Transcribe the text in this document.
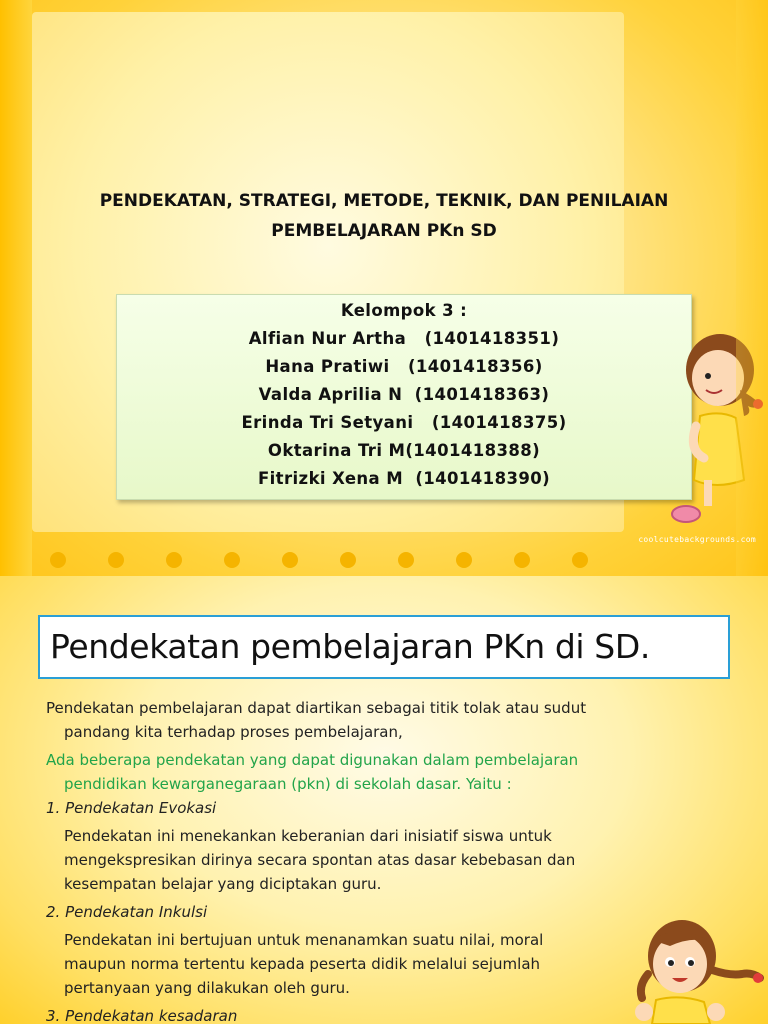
PENDEKATAN, STRATEGI, METODE, TEKNIK, DAN PENILAIAN
PEMBELAJARAN PKn SD
Kelompok 3 :
Alfian Nur Artha   (1401418351)
Hana Pratiwi   (1401418356)
Valda Aprilia N  (1401418363)
Erinda Tri Setyani   (1401418375)
Oktarina Tri M(1401418388)
Fitrizki Xena M  (1401418390)
coolcutebackgrounds.com
Pendekatan pembelajaran PKn di SD.

Pendekatan pembelajaran dapat diartikan sebagai titik tolak atau sudut

pandang kita terhadap proses pembelajaran,

Ada beberapa pendekatan yang dapat digunakan dalam pembelajaran

pendidikan kewarganegaraan (pkn) di sekolah dasar. Yaitu :

1. Pendekatan Evokasi

Pendekatan ini menekankan keberanian dari inisiatif siswa untuk

mengekspresikan dirinya secara spontan atas dasar kebebasan dan

kesempatan belajar yang diciptakan guru.

2. Pendekatan Inkulsi

Pendekatan ini bertujuan untuk menanamkan suatu nilai, moral

maupun norma tertentu kepada peserta didik melalui sejumlah

pertanyaan yang dilakukan oleh guru.

3. Pendekatan kesadaran
